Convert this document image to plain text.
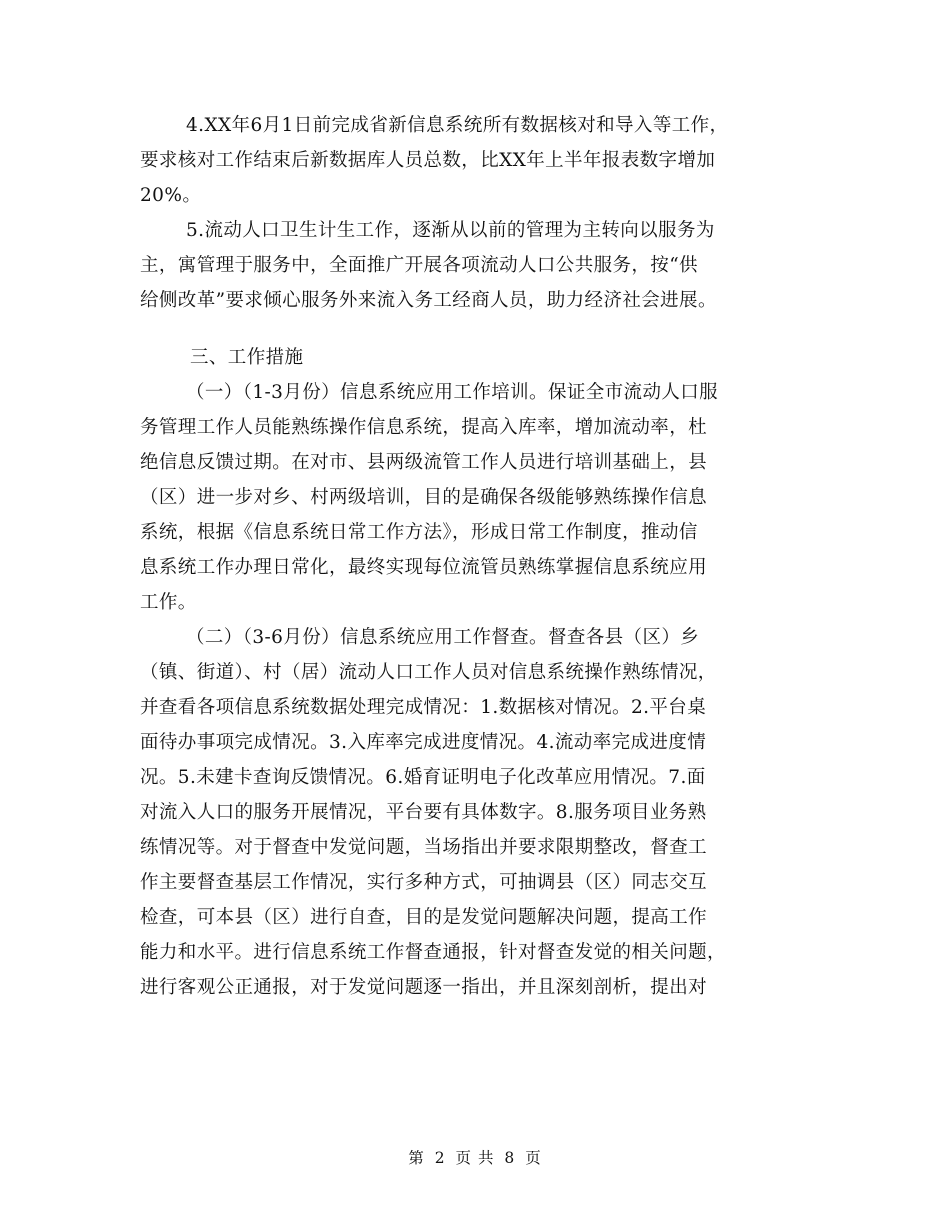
4.XX年6月1日前完成省新信息系统所有数据核对和导入等工作，
要求核对工作结束后新数据库人员总数，比XX年上半年报表数字增加
20%。
5.流动人口卫生计生工作，逐渐从以前的管理为主转向以服务为
主，寓管理于服务中，全面推广开展各项流动人口公共服务，按“供
给侧改革”要求倾心服务外来流入务工经商人员，助力经济社会进展。
三、工作措施
（一）（1-3月份）信息系统应用工作培训。保证全市流动人口服
务管理工作人员能熟练操作信息系统，提高入库率，增加流动率，杜
绝信息反馈过期。在对市、县两级流管工作人员进行培训基础上，县
（区）进一步对乡、村两级培训，目的是确保各级能够熟练操作信息
系统，根据《信息系统日常工作方法》，形成日常工作制度，推动信
息系统工作办理日常化，最终实现每位流管员熟练掌握信息系统应用
工作。
（二）（3-6月份）信息系统应用工作督查。督查各县（区）乡
（镇、街道）、村（居）流动人口工作人员对信息系统操作熟练情况，
并查看各项信息系统数据处理完成情况：1.数据核对情况。2.平台桌
面待办事项完成情况。3.入库率完成进度情况。4.流动率完成进度情
况。5.未建卡查询反馈情况。6.婚育证明电子化改革应用情况。7.面
对流入人口的服务开展情况，平台要有具体数字。8.服务项目业务熟
练情况等。对于督查中发觉问题，当场指出并要求限期整改，督查工
作主要督查基层工作情况，实行多种方式，可抽调县（区）同志交互
检查，可本县（区）进行自查，目的是发觉问题解决问题，提高工作
能力和水平。进行信息系统工作督查通报，针对督查发觉的相关问题，
进行客观公正通报，对于发觉问题逐一指出，并且深刻剖析，提出对
第 2 页 共 8 页
